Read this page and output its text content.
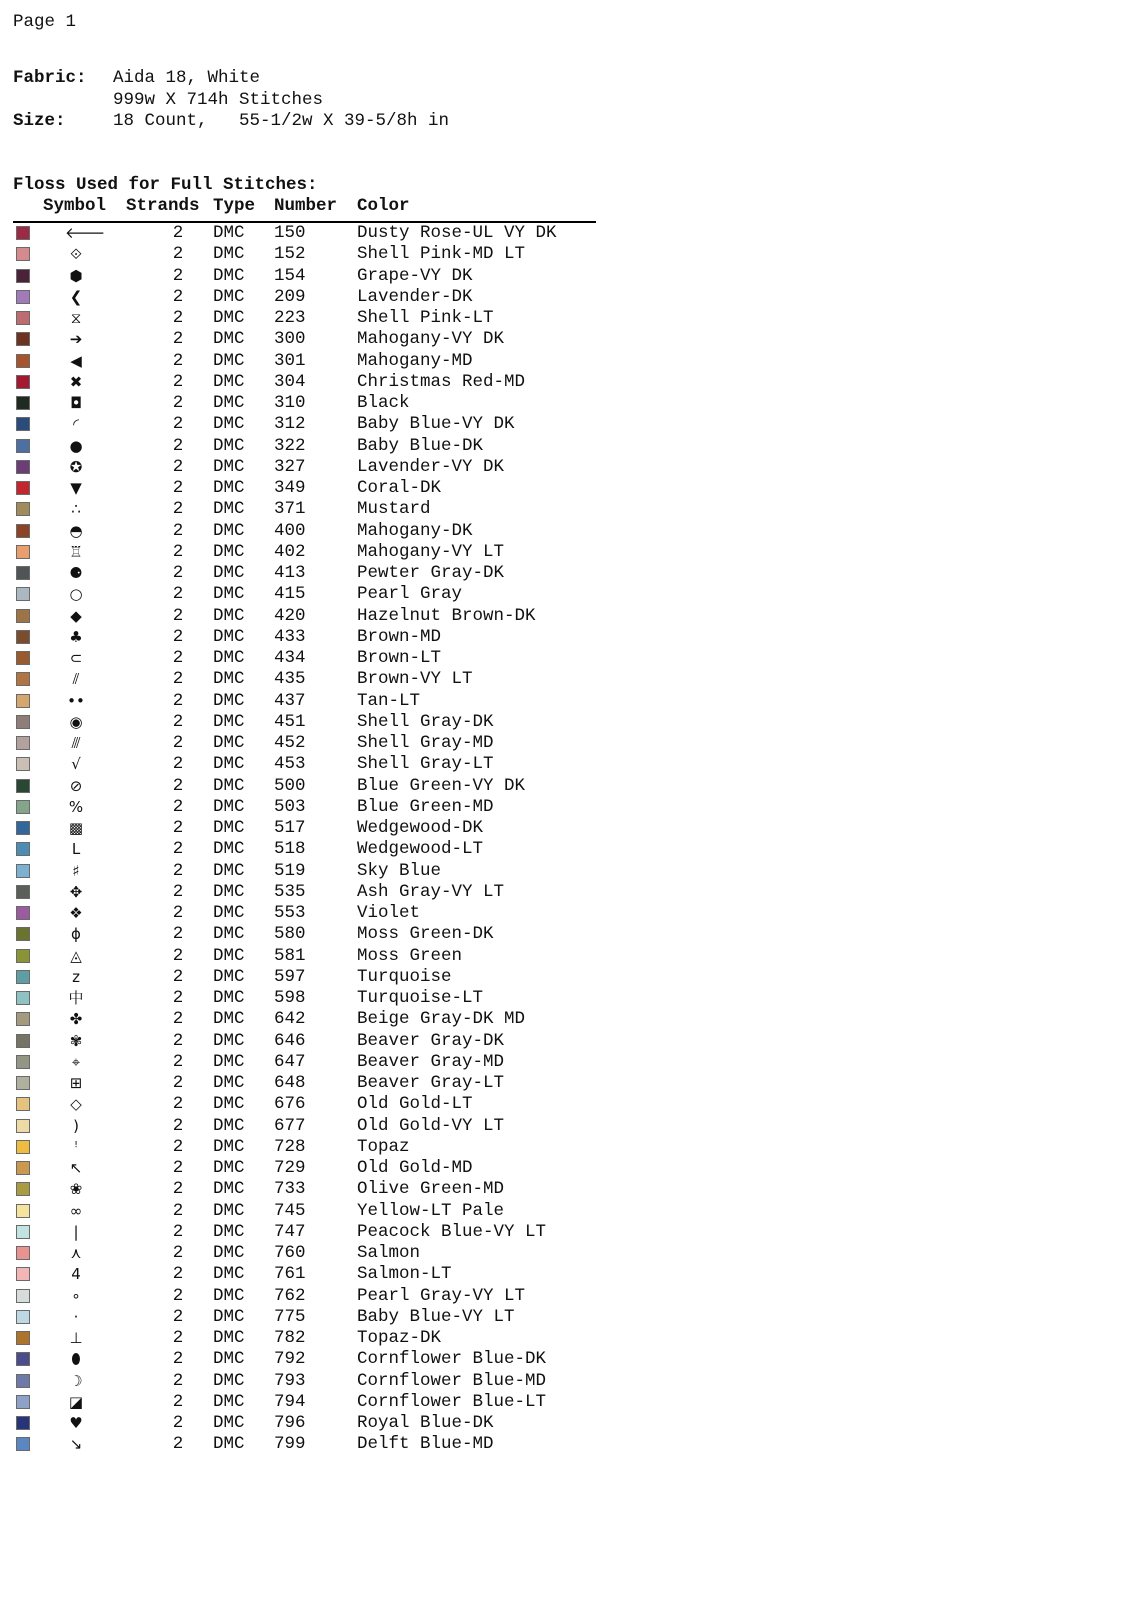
Page 1
Fabric:	Aida 18, White
999w X 714h Stitches
Size:	18 Count,   55-1/2w X 39-5/8h in
Floss Used for Full Stitches:
Symbol Strands Type Number Color
🡐	2	DMC 150	Dusty Rose-UL VY DK
⟐	2	DMC 152	Shell Pink-MD LT
⬢	2	DMC 154	Grape-VY DK
❮	2	DMC 209	Lavender-DK
⧖	2	DMC 223	Shell Pink-LT
➔	2	DMC 300	Mahogany-VY DK
◀	2	DMC 301	Mahogany-MD
✖	2	DMC 304	Christmas Red-MD
◘	2	DMC 310	Black
◜	2	DMC 312	Baby Blue-VY DK
●	2	DMC 322	Baby Blue-DK
✪	2	DMC 327	Lavender-VY DK
▼	2	DMC 349	Coral-DK
∴	2	DMC 371	Mustard
◓	2	DMC 400	Mahogany-DK
♖	2	DMC 402	Mahogany-VY LT
⚈	2	DMC 413	Pewter Gray-DK
○	2	DMC 415	Pearl Gray
◆	2	DMC 420	Hazelnut Brown-DK
♣	2	DMC 433	Brown-MD
⊂	2	DMC 434	Brown-LT
⫽	2	DMC 435	Brown-VY LT
••	2	DMC 437	Tan-LT
◉	2	DMC 451	Shell Gray-DK
⫻	2	DMC 452	Shell Gray-MD
√	2	DMC 453	Shell Gray-LT
⊘	2	DMC 500	Blue Green-VY DK
%	2	DMC 503	Blue Green-MD
▩	2	DMC 517	Wedgewood-DK
L	2	DMC 518	Wedgewood-LT
♯	2	DMC 519	Sky Blue
✥	2	DMC 535	Ash Gray-VY LT
❖	2	DMC 553	Violet
ɸ	2	DMC 580	Moss Green-DK
◬	2	DMC 581	Moss Green
z	2	DMC 597	Turquoise
中	2	DMC 598	Turquoise-LT
✤	2	DMC 642	Beige Gray-DK MD
✾	2	DMC 646	Beaver Gray-DK
⌖	2	DMC 647	Beaver Gray-MD
⊞	2	DMC 648	Beaver Gray-LT
◇	2	DMC 676	Old Gold-LT
)	2	DMC 677	Old Gold-VY LT
ꜝ	2	DMC 728	Topaz
↖	2	DMC 729	Old Gold-MD
❀	2	DMC 733	Olive Green-MD
∞	2	DMC 745	Yellow-LT Pale
|	2	DMC 747	Peacock Blue-VY LT
⋏	2	DMC 760	Salmon
4	2	DMC 761	Salmon-LT
∘	2	DMC 762	Pearl Gray-VY LT
·	2	DMC 775	Baby Blue-VY LT
⊥	2	DMC 782	Topaz-DK
⬮	2	DMC 792	Cornflower Blue-DK
☽	2	DMC 793	Cornflower Blue-MD
◪	2	DMC 794	Cornflower Blue-LT
♥	2	DMC 796	Royal Blue-DK
↘	2	DMC 799	Delft Blue-MD
